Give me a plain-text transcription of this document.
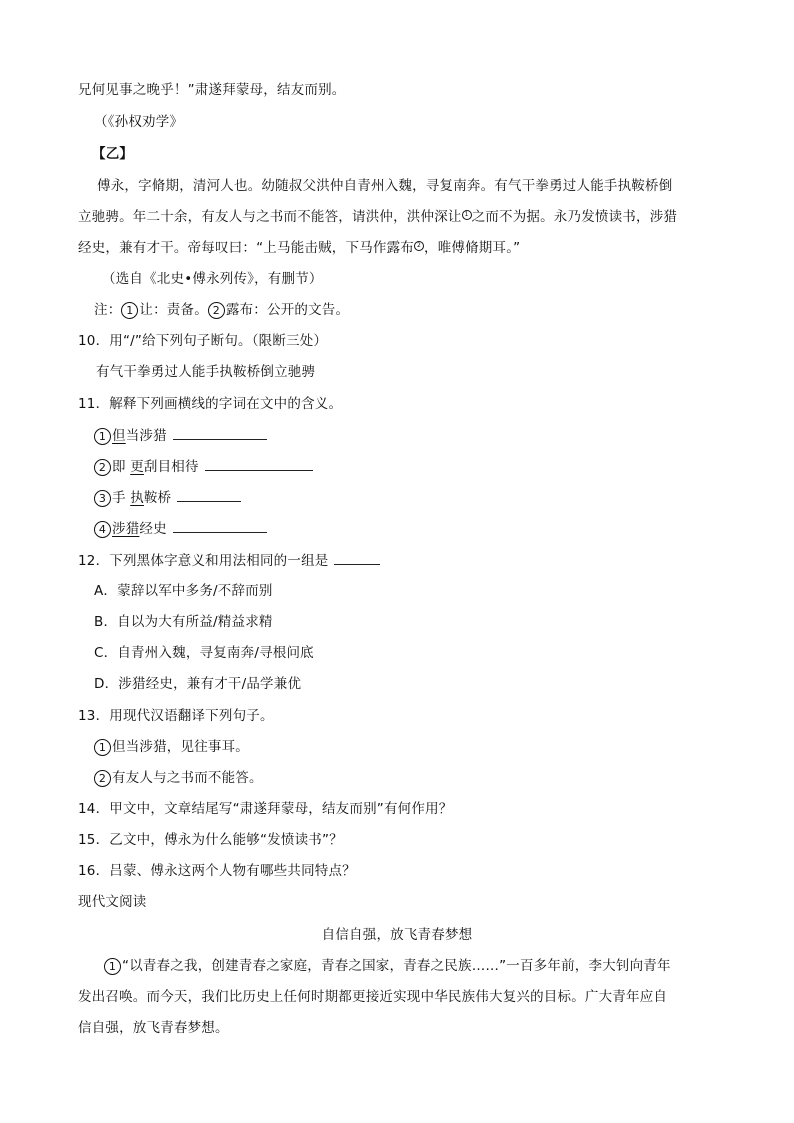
兄何见事之晚乎！”肃遂拜蒙母，结友而别。
（《孙权劝学》
【乙】
傅永，字脩期，清河人也。幼随叔父洪仲自青州入魏，寻复南奔。有气干拳勇过人能手执鞍桥倒
立驰骋。年二十余，有友人与之书而不能答，请洪仲，洪仲深让 1 之而不为据。永乃发愤读书，涉猎
经史，兼有才干。帝每叹曰：“上马能击贼，下马作露布 2 ，唯傅脩期耳。”
（选自《北史•傅永列传》，有删节）
注： 1 让：责备。 2 露布：公开的文告。
10．用“/”给下列句子断句。（限断三处）
有气干拳勇过人能手执鞍桥倒立驰骋
11．解释下列画横线的字词在文中的含义。
1 但当涉猎
2 即 更刮目相待
3 手 执鞍桥
4 涉猎经史
12．下列黑体字意义和用法相同的一组是
A．蒙辞以军中多务/不辞而别
B．自以为大有所益/精益求精
C．自青州入魏，寻复南奔/寻根问底
D．涉猎经史，兼有才干/品学兼优
13．用现代汉语翻译下列句子。
1 但当涉猎，见往事耳。
2 有友人与之书而不能答。
14．甲文中，文章结尾写“肃遂拜蒙母，结友而别”有何作用？
15．乙文中，傅永为什么能够“发愤读书”？
16．吕蒙、傅永这两个人物有哪些共同特点？
现代文阅读
自信自强，放飞青春梦想
1 “以青春之我，创建青春之家庭，青春之国家，青春之民族……”一百多年前，李大钊向青年
发出召唤。而今天，我们比历史上任何时期都更接近实现中华民族伟大复兴的目标。广大青年应自
信自强，放飞青春梦想。
